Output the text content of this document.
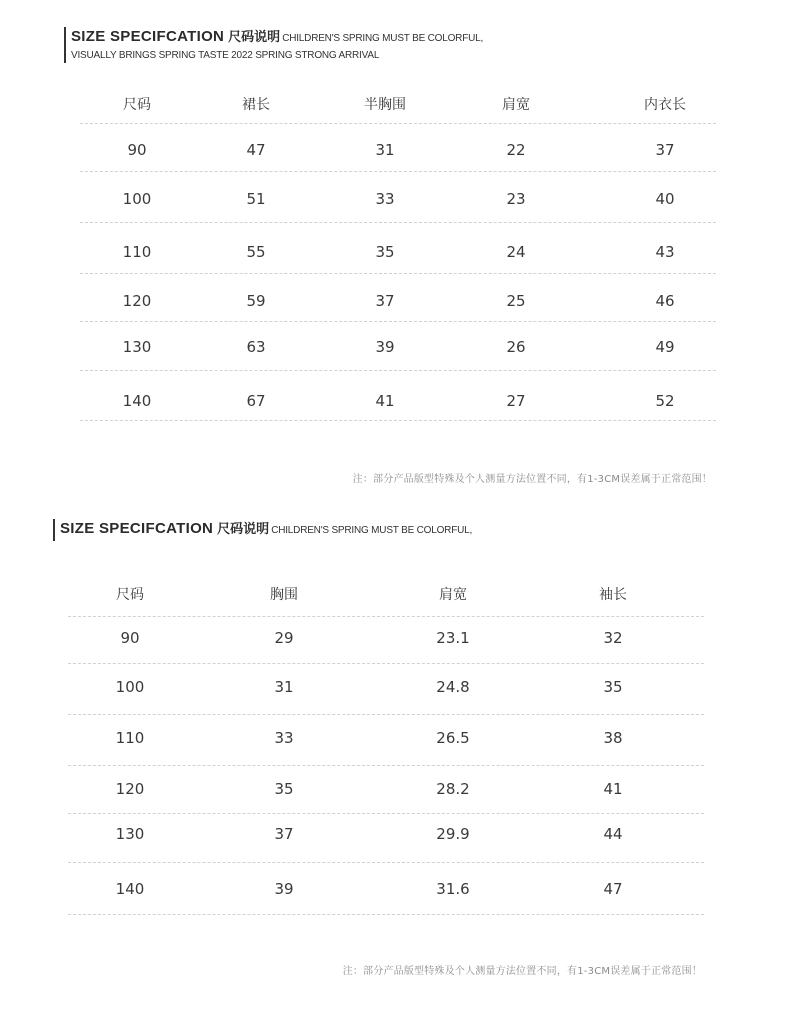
SIZE SPECIFCATION 尺码说明 CHILDREN'S SPRING MUST BE COLORFUL,
VISUALLY BRINGS SPRING TASTE 2022 SPRING STRONG ARRIVAL
尺码	裙长	半胸围	肩宽	内衣长
90	47	31	22	37
100	51	33	23	40
110	55	35	24	43
120	59	37	25	46
130	63	39	26	49
140	67	41	27	52
注：部分产品版型特殊及个人测量方法位置不同，有1-3CM误差属于正常范围！
SIZE SPECIFCATION 尺码说明 CHILDREN'S SPRING MUST BE COLORFUL,
尺码	胸围	肩宽	袖长
90	29	23.1	32
100	31	24.8	35
110	33	26.5	38
120	35	28.2	41
130	37	29.9	44
140	39	31.6	47
注：部分产品版型特殊及个人测量方法位置不同，有1-3CM误差属于正常范围！
